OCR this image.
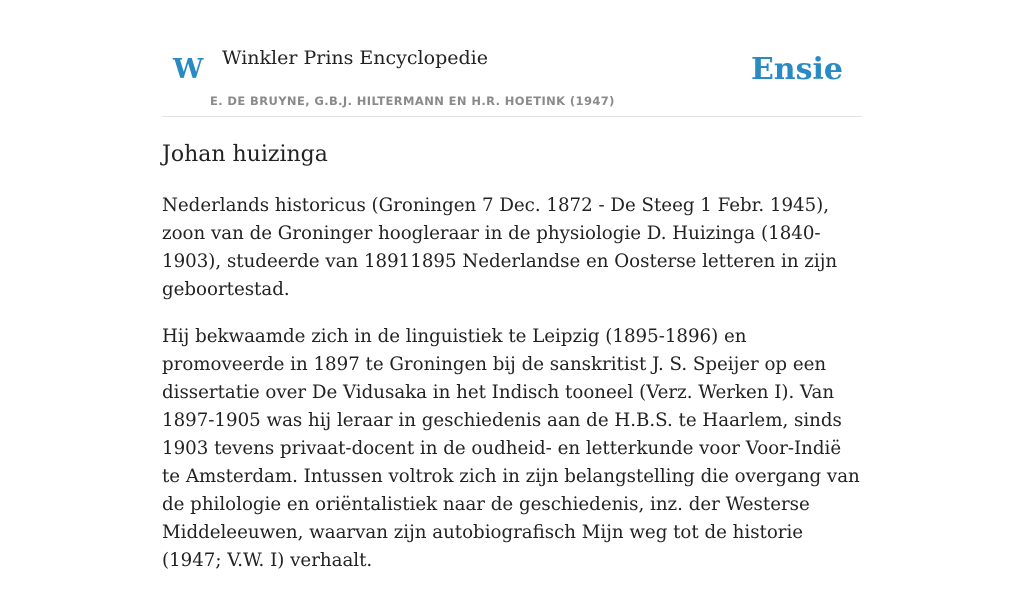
W Winkler Prins Encyclopedie
E. DE BRUYNE, G.B.J. HILTERMANN EN H.R. HOETINK (1947)
Ensie
Johan huizinga

Nederlands historicus (Groningen 7 Dec. 1872 - De Steeg 1 Febr. 1945), zoon van de Groninger hoogleraar in de physiologie D. Huizinga (1840-1903), studeerde van 18911895 Nederlandse en Oosterse letteren in zijn geboortestad.

Hij bekwaamde zich in de linguistiek te Leipzig (1895-1896) en promoveerde in 1897 te Groningen bij de sanskritist J. S. Speijer op een dissertatie over De Vidusaka in het Indisch tooneel (Verz. Werken I). Van 1897-1905 was hij leraar in geschiedenis aan de H.B.S. te Haarlem, sinds 1903 tevens privaat-docent in de oudheid- en letterkunde voor Voor-Indië te Amsterdam. Intussen voltrok zich in zijn belangstelling die overgang van de philologie en oriëntalistiek naar de geschiedenis, inz. der Westerse Middeleeuwen, waarvan zijn autobiografisch Mijn weg tot de historie (1947; V.W. I) verhaalt.
